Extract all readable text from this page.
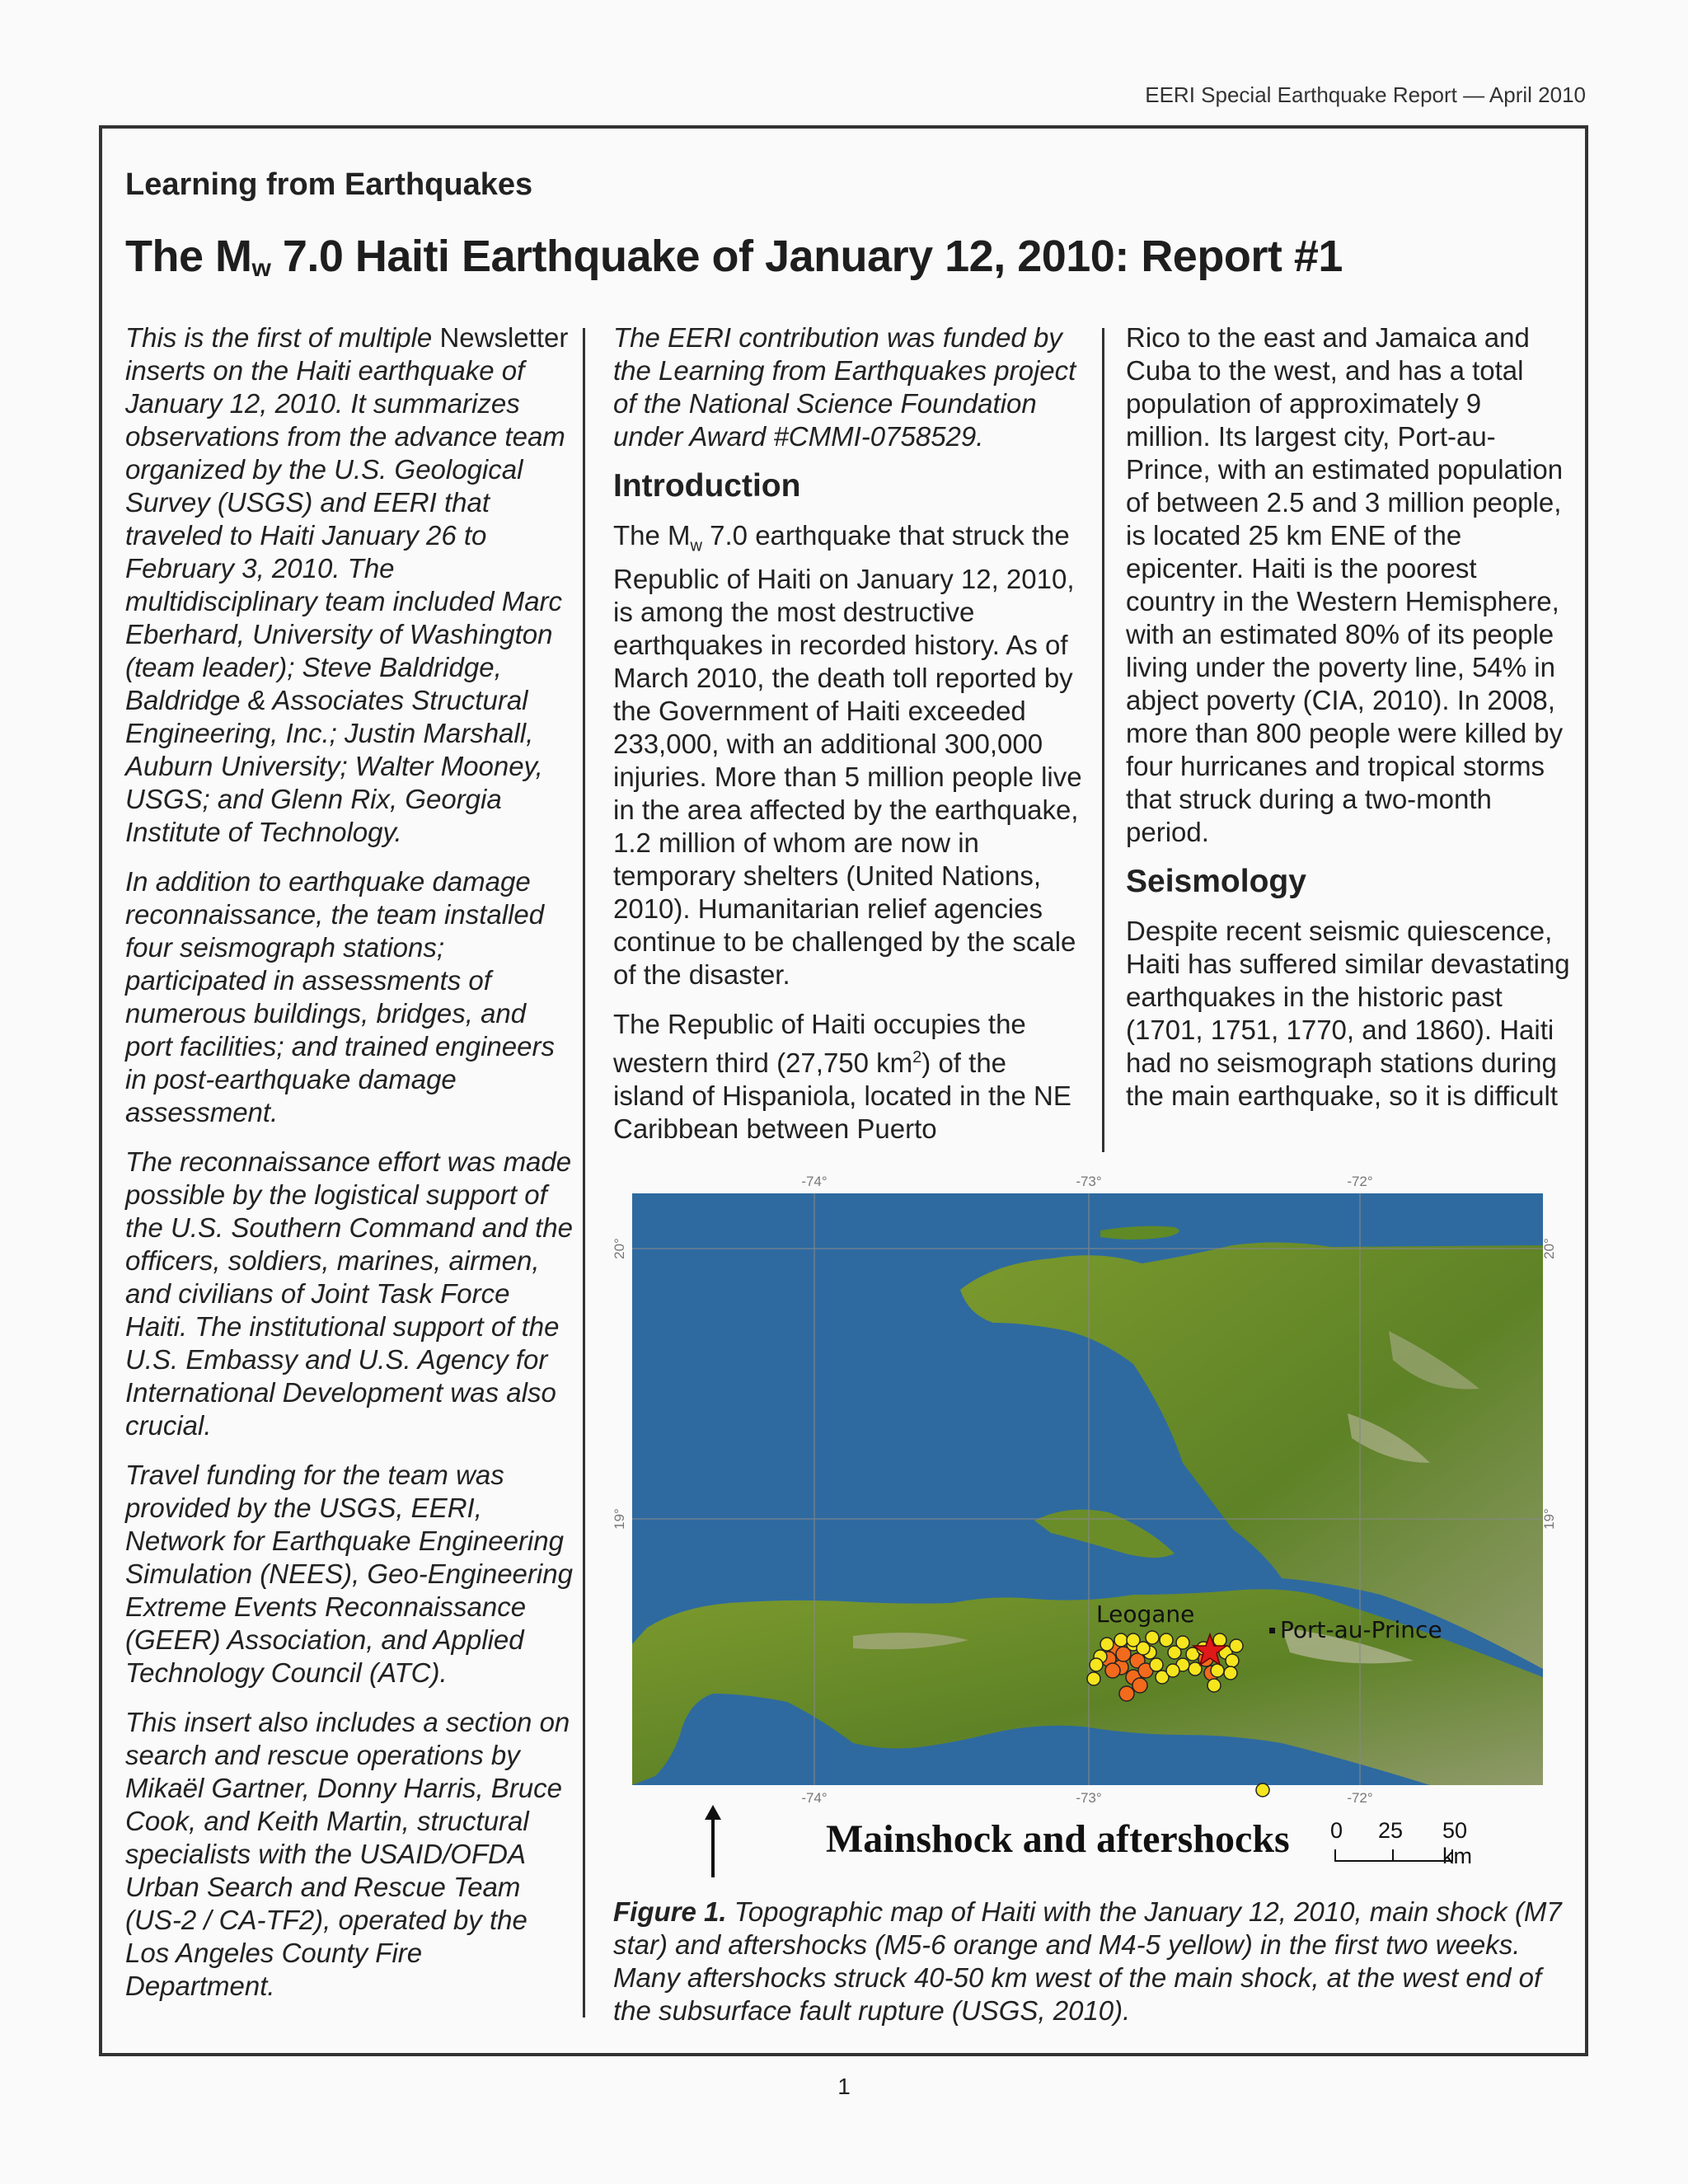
EERI Special Earthquake Report — April 2010
Learning from Earthquakes
The $M_w$ 7.0 Haiti Earthquake of January 12, 2010: Report #1

This is the first of multiple Newsletter inserts on the Haiti earthquake of January 12, 2010. It summarizes observations from the advance team organized by the U.S. Geological Survey (USGS) and EERI that traveled to Haiti January 26 to February 3, 2010. The multidisciplinary team included Marc Eberhard, University of Washington (team leader); Steve Baldridge, Baldridge & Associates Structural Engineering, Inc.; Justin Marshall, Auburn University; Walter Mooney, USGS; and Glenn Rix, Georgia Institute of Technology.

In addition to earthquake damage reconnaissance, the team installed four seismograph stations; participated in assessments of numerous buildings, bridges, and port facilities; and trained engineers in post-earthquake damage assessment.

The reconnaissance effort was made possible by the logistical support of the U.S. Southern Command and the officers, soldiers, marines, airmen, and civilians of Joint Task Force Haiti. The institutional support of the U.S. Embassy and U.S. Agency for International Development was also crucial.

Travel funding for the team was provided by the USGS, EERI, Network for Earthquake Engineering Simulation (NEES), Geo-Engineering Extreme Events Reconnaissance (GEER) Association, and Applied Technology Council (ATC).

This insert also includes a section on search and rescue operations by Mikaël Gartner, Donny Harris, Bruce Cook, and Keith Martin, structural specialists with the USAID/OFDA Urban Search and Rescue Team (US-2 / CA-TF2), operated by the Los Angeles County Fire Department.

The EERI contribution was funded by the Learning from Earthquakes project of the National Science Foundation under Award #CMMI-0758529.

Introduction

The $M_w$ 7.0 earthquake that struck the Republic of Haiti on January 12, 2010, is among the most destructive earthquakes in recorded history. As of March 2010, the death toll reported by the Government of Haiti exceeded 233,000, with an additional 300,000 injuries. More than 5 million people live in the area affected by the earthquake, 1.2 million of whom are now in temporary shelters (United Nations, 2010). Humanitarian relief agencies continue to be challenged by the scale of the disaster.

The Republic of Haiti occupies the western third (27,750 $km^2$) of the island of Hispaniola, located in the NE Caribbean between Puerto

Rico to the east and Jamaica and Cuba to the west, and has a total population of approximately 9 million. Its largest city, Port-au-Prince, with an estimated population of between 2.5 and 3 million people, is located 25 km ENE of the epicenter. Haiti is the poorest country in the Western Hemisphere, with an estimated 80% of its people living under the poverty line, 54% in abject poverty (CIA, 2010). In 2008, more than 800 people were killed by four hurricanes and tropical storms that struck during a two-month period.

Seismology

Despite recent seismic quiescence, Haiti has suffered similar devastating earthquakes in the historic past (1701, 1751, 1770, and 1860). Haiti had no seismograph stations during the main earthquake, so it is difficult

-74°	-73°	-72°
-74°	-73°	-72°
20°
19°
20°
19°
Leogane
Port-au-Prince
Mainshock and aftershocks 0 25 50 km
Figure 1. Topographic map of Haiti with the January 12, 2010, main shock (M7 star) and aftershocks (M5-6 orange and M4-5 yellow) in the first two weeks. Many aftershocks struck 40-50 km west of the main shock, at the west end of the subsurface fault rupture (USGS, 2010).
1
